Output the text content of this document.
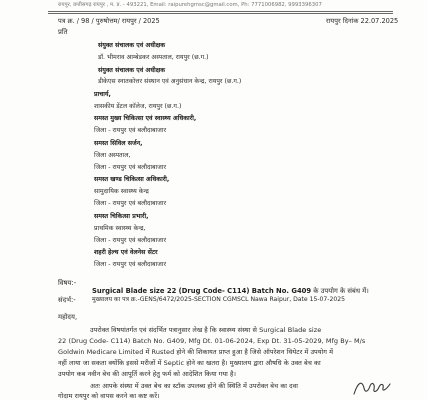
रायपुर, छत्तीसगढ़ रायपुर , म. प्र. - 493221, Email: raipurehgmsc@gmail.com, Ph: 7771006982, 9993396307
पत्र क्र. / 98 / पुरुषोत्तम/ रायपुर / 2025	रायपुर दिनांक 22.07.2025
प्रति
संयुक्त संचालक एवं अधीक्षक
डॉ. भीमराव आम्बेडकर अस्पताल, रायपुर (छ.ग.)
संयुक्त संचालक एवं अधीक्षक
डीकेएस स्नातकोत्तर संस्थान एवं अनुसंधान केन्द्र, रायपुर (छ.ग.)
प्राचार्य,
शासकीय डेंटल कॉलेज, रायपुर (छ.ग.)
समस्त मुख्य चिकित्सा एवं स्वास्थ्य अधिकारी,
जिला - रायपुर एवं बलौदाबाजार
समस्त सिविल सर्जन,
जिला अस्पताल,
जिला - रायपुर एवं बलौदाबाजार
समस्त खण्ड चिकित्सा अधिकारी,
सामुदायिक स्वास्थ्य केन्द्र
जिला - रायपुर एवं बलौदाबाजार
समस्त चिकित्सा प्रभारी,
प्राथमिक स्वास्थ्य केन्द्र,
जिला - रायपुर एवं बलौदाबाजार
शहरी हेल्थ एवं वेलनेस सेंटर
जिला - रायपुर एवं बलौदाबाजार
विषय:-
Surgical Blade size 22 (Drug Code- C114) Batch No. G409 के उपयोग के संबंध में।
संदर्भ:-	मुख्यालय का पत्र क्र.-GENS/6472/2025-SECTION CGMSCL Nawa Raipur, Date 15-07-2025
महोदय,
उपरोक्त विषयांतर्गत एवं संदर्भित पत्रानुसार लेख है कि स्वास्थ्य संस्था से Surgical Blade size
22 (Drug Code- C114) Batch No. G409, Mfg Dt. 01-06-2024, Exp Dt. 31-05-2029, Mfg By– M/s
Goldwin Medicare Limited में Rusted होने की शिकायत प्राप्त हुआ है जिसे ऑपरेशन थियेटर में उपयोग में
नहीं लाया जा सकता क्योंकि इससे मरीजों में Septic होने का खतरा है। मुख्यालय द्वारा औषधि के उक्त बेच का
उपयोग कब नवीन बेच की आपूर्ति करने हेतु फर्म को आदेशित किया गया है।
अतः आपके संस्था में उक्त बेच का स्टॉक उपलब्ध होने की स्थिति में उपरोक्त बेच का दवा
गोदाम रायपुर को वापस करने का कष्ट करें।
